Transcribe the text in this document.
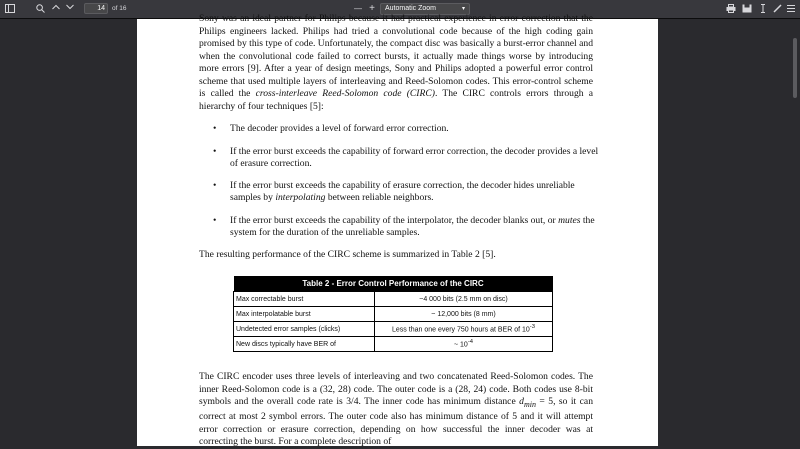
14	of 16	— +	Automatic Zoom	▾
Sony was an ideal partner for Philips because it had practical experience in error correction that the Philips engineers lacked. Philips had tried a convolutional code because of the high coding gain promised by this type of code. Unfortunately, the compact disc was basically a burst-error channel and when the convolutional code failed to correct bursts, it actually made things worse by introducing more errors [9]. After a year of design meetings, Sony and Philips adopted a powerful error control scheme that used multiple layers of interleaving and Reed-Solomon codes. This error-control scheme is called the cross-interleave Reed-Solomon code (CIRC). The CIRC controls errors through a hierarchy of four techniques [5]:
• The decoder provides a level of forward error correction.
• If the error burst exceeds the capability of forward error correction, the decoder provides a level of erasure correction.
• If the error burst exceeds the capability of erasure correction, the decoder hides unreliable samples by interpolating between reliable neighbors.
• If the error burst exceeds the capability of the interpolator, the decoder blanks out, or mutes the system for the duration of the unreliable samples.
The resulting performance of the CIRC scheme is summarized in Table 2 [5].
Table 2 - Error Control Performance of the CIRC	
Max correctable burst	~4 000 bits (2.5 mm on disc)
Max interpolatable burst	~ 12,000 bits (8 mm)
Undetected error samples (clicks)	Less than one every 750 hours at BER of $10^{-3}$
New discs typically have BER of	~ $10^{-4}$
The CIRC encoder uses three levels of interleaving and two concatenated Reed-Solomon codes. The inner Reed-Solomon code is a (32, 28) code. The outer code is a (28, 24) code. Both codes use 8-bit symbols and the overall code rate is 3/4. The inner code has minimum distance $d_{min} = 5$, so it can correct at most 2 symbol errors. The outer code also has minimum distance of 5 and it will attempt error correction or erasure correction, depending on how successful the inner decoder was at correcting the burst. For a complete description of
